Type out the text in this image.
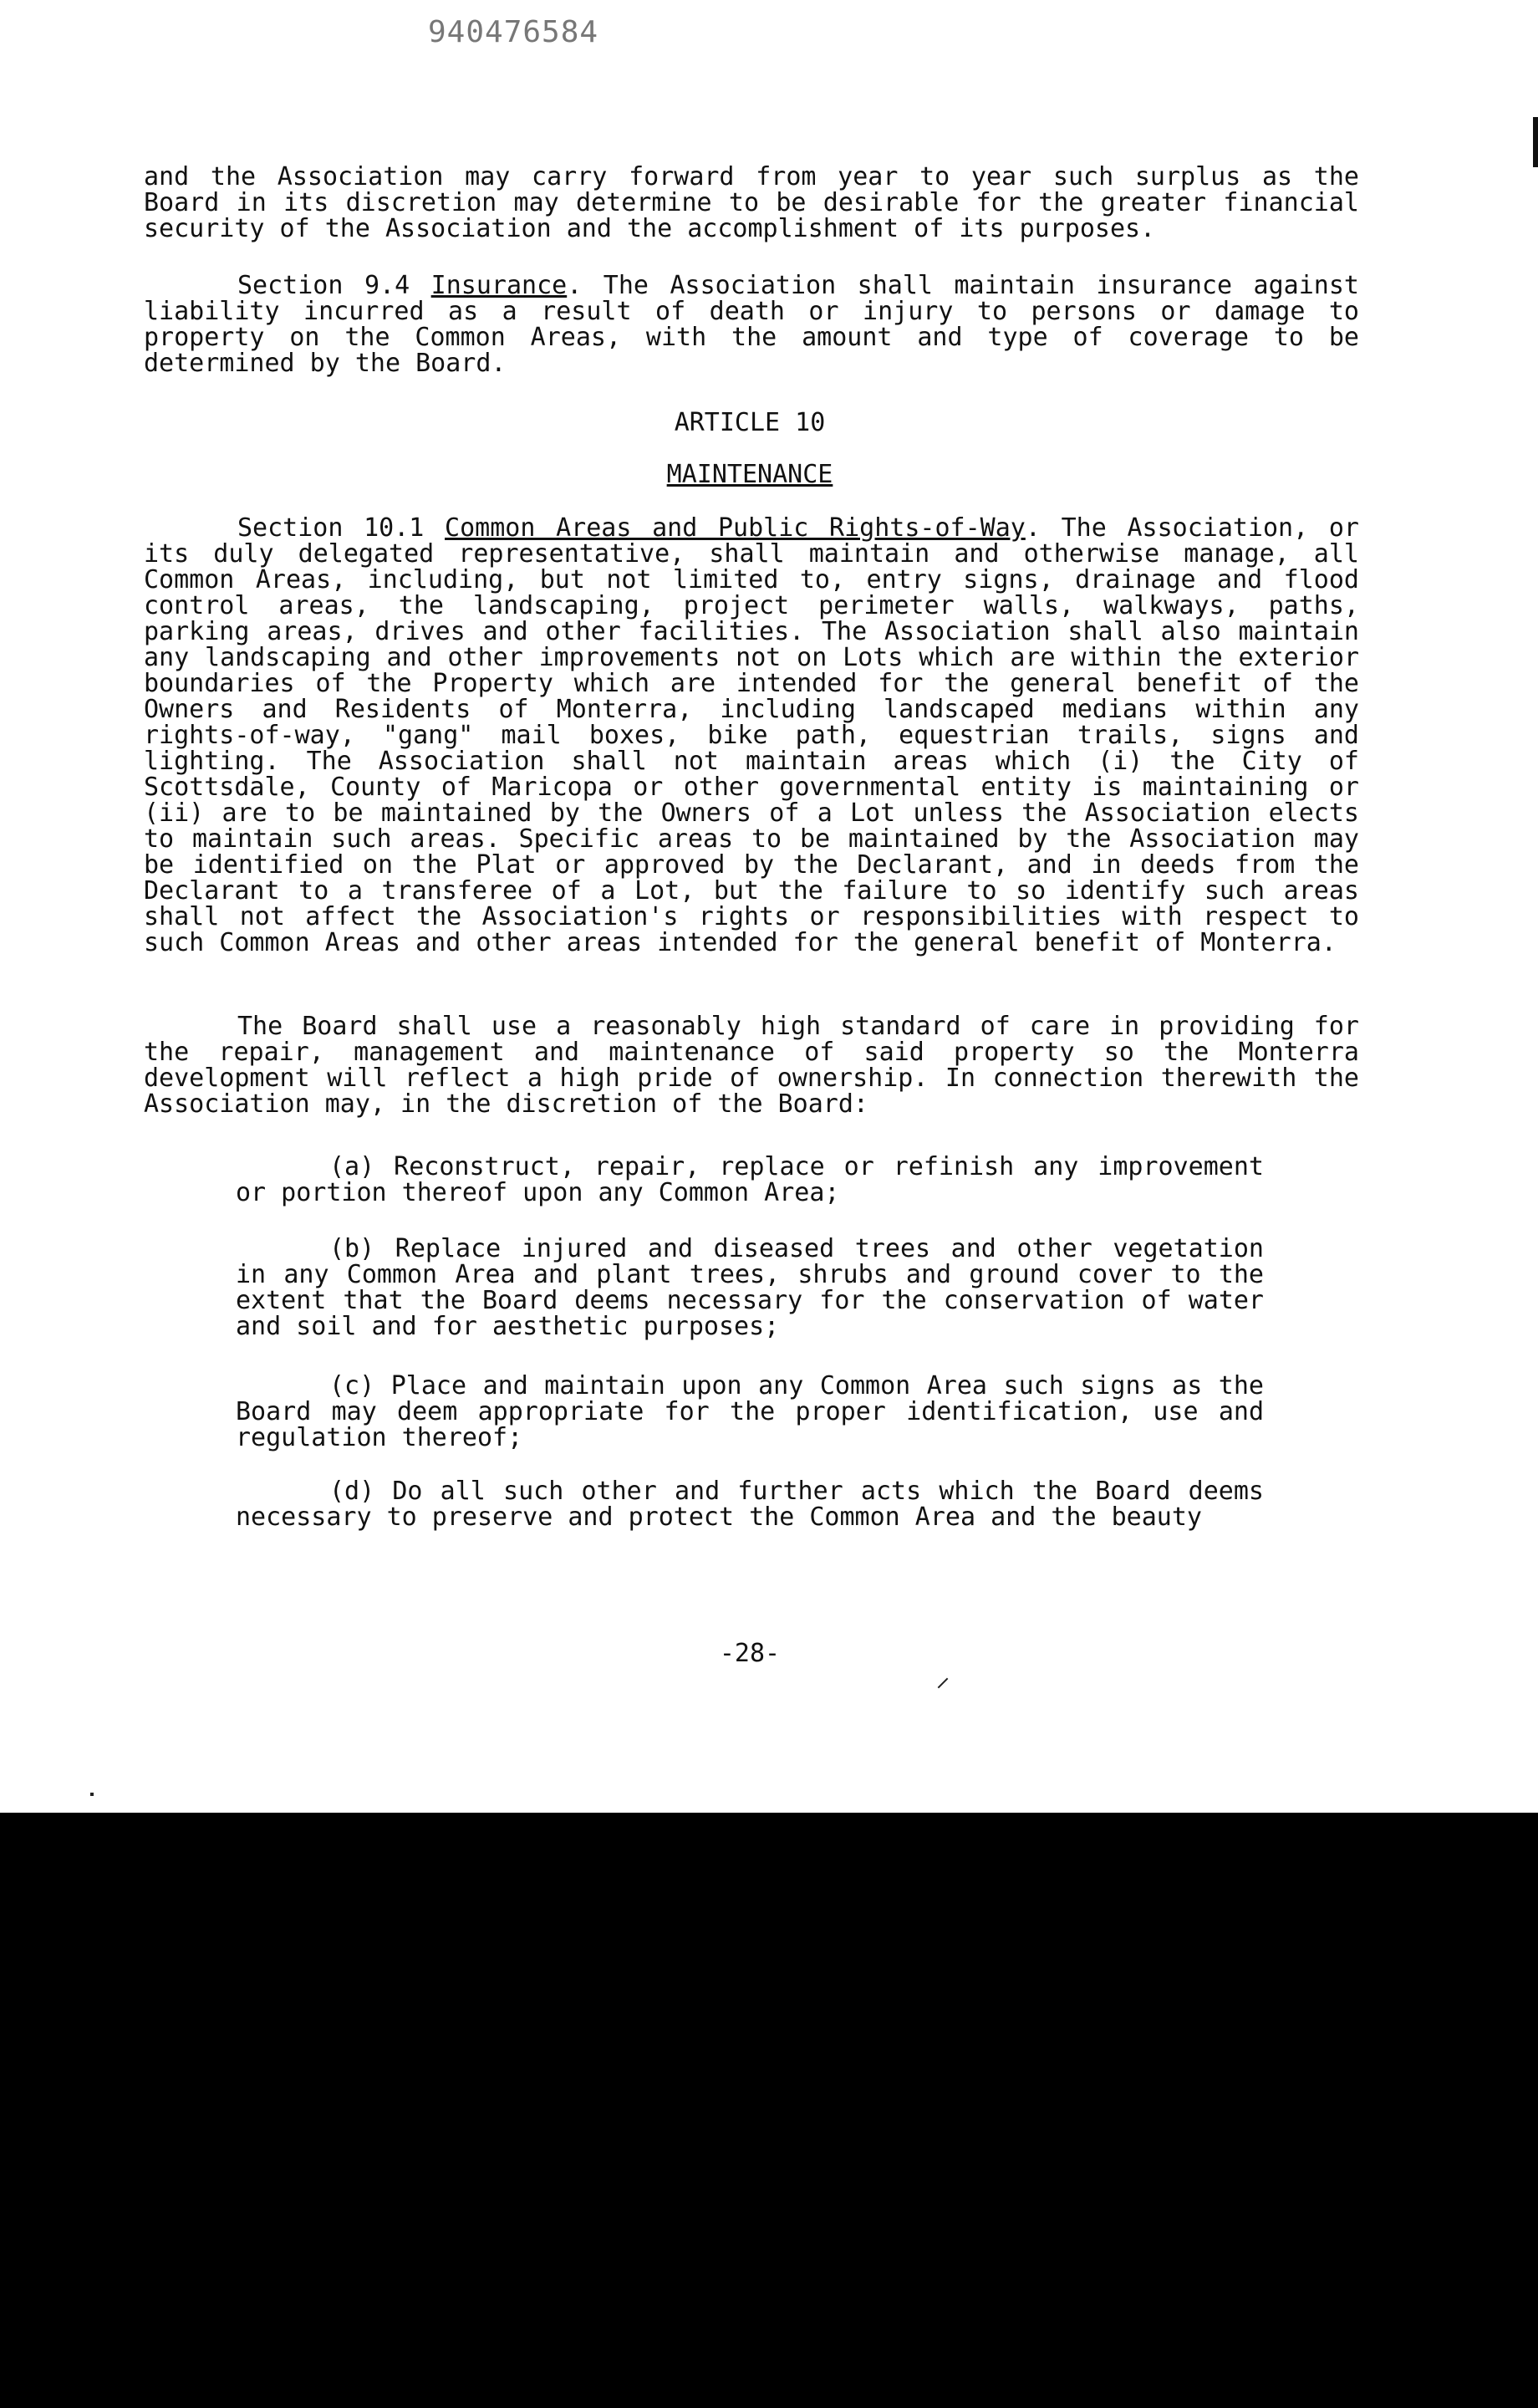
940476584

and the Association may carry forward from year to year such surplus as the Board in its discretion may determine to be desirable for the greater financial security of the Association and the accomplishment of its purposes.

Section 9.4 Insurance. The Association shall maintain insurance against liability incurred as a result of death or injury to persons or damage to property on the Common Areas, with the amount and type of coverage to be determined by the Board.

ARTICLE 10

MAINTENANCE

Section 10.1 Common Areas and Public Rights-of-Way. The Association, or its duly delegated representative, shall maintain and otherwise manage, all Common Areas, including, but not limited to, entry signs, drainage and flood control areas, the landscaping, project perimeter walls, walkways, paths, parking areas, drives and other facilities. The Association shall also maintain any landscaping and other improvements not on Lots which are within the exterior boundaries of the Property which are intended for the general benefit of the Owners and Residents of Monterra, including landscaped medians within any rights-of-way, "gang" mail boxes, bike path, equestrian trails, signs and lighting. The Association shall not maintain areas which (i) the City of Scottsdale, County of Maricopa or other governmental entity is maintaining or (ii) are to be maintained by the Owners of a Lot unless the Association elects to maintain such areas. Specific areas to be maintained by the Association may be identified on the Plat or approved by the Declarant, and in deeds from the Declarant to a transferee of a Lot, but the failure to so identify such areas shall not affect the Association's rights or responsibilities with respect to such Common Areas and other areas intended for the general benefit of Monterra.

The Board shall use a reasonably high standard of care in providing for the repair, management and maintenance of said property so the Monterra development will reflect a high pride of ownership. In connection therewith the Association may, in the discretion of the Board:

(a) Reconstruct, repair, replace or refinish any improvement or portion thereof upon any Common Area;

(b) Replace injured and diseased trees and other vegetation in any Common Area and plant trees, shrubs and ground cover to the extent that the Board deems necessary for the conservation of water and soil and for aesthetic purposes;

(c) Place and maintain upon any Common Area such signs as the Board may deem appropriate for the proper identification, use and regulation thereof;

(d) Do all such other and further acts which the Board deems necessary to preserve and protect the Common Area and the beauty

-28-
